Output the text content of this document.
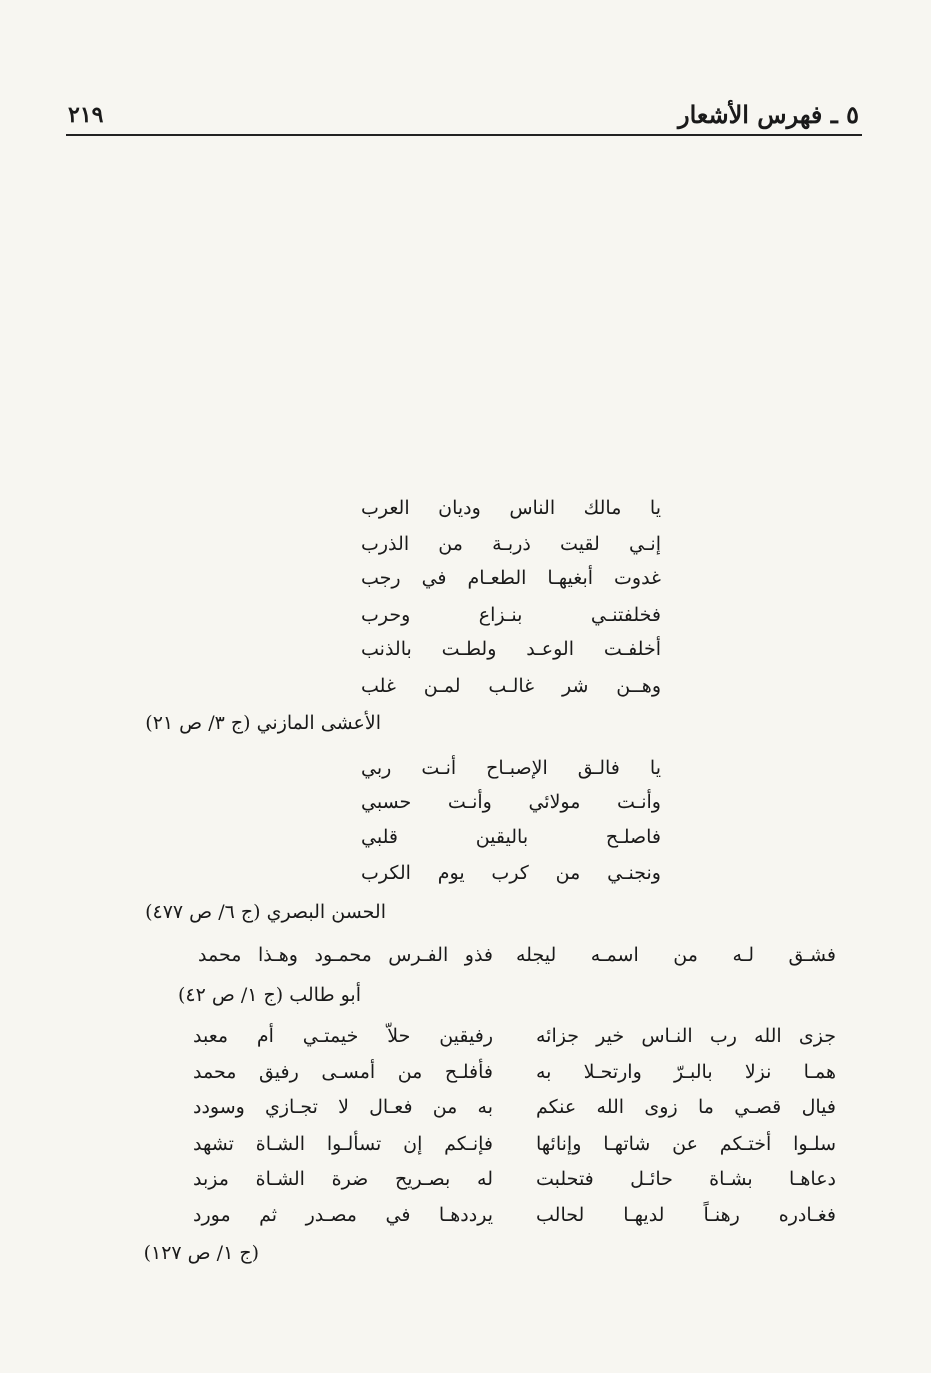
٥ ـ فهرس الأشعار
٢١٩
يا مالك الناس وديان العرب
إنـي لقيت ذربـة من الذرب
غدوت أبغيهـا الطعـام في رجب
فخلفتنـي بنـزاع وحرب
أخلفـت الوعـد ولطـت بالذنب
وهــن شر غالـب لمـن غلب
الأعشى المازني (ج ٣/ ص ٢١)
يا فالـق الإصبـاح أنـت ربي
وأنـت مولائي وأنـت حسبي
فاصلـح باليقين قلبي
ونجنـي من كرب يوم الكرب
الحسن البصري (ج ٦/ ص ٤٧٧)
فشـق لـه من اسمـه ليجله
فذو الفـرس محمـود وهـذا محمد
أبو طالب (ج ١/ ص ٤٢)
جزى الله رب النـاس خير جزائه
رفيقين حلاّ خيمتـي أم معبد
همـا نزلا بالبـرّ وارتحـلا به
فأفلـح من أمسـى رفيق محمد
فيال قصـي ما زوى الله عنكم
به من فعـال لا تجـازي وسودد
سلـوا أختـكم عن شاتهـا وإنائها
فإنـكم إن تسألـوا الشـاة تشهد
دعاهـا بشـاة حائـل فتحلبت
له بصـريح ضرة الشـاة مزبد
فغـادره رهنـاً لديهـا لحالب
يرددهـا في مصـدر ثم مورد
(ج ١/ ص ١٢٧)
